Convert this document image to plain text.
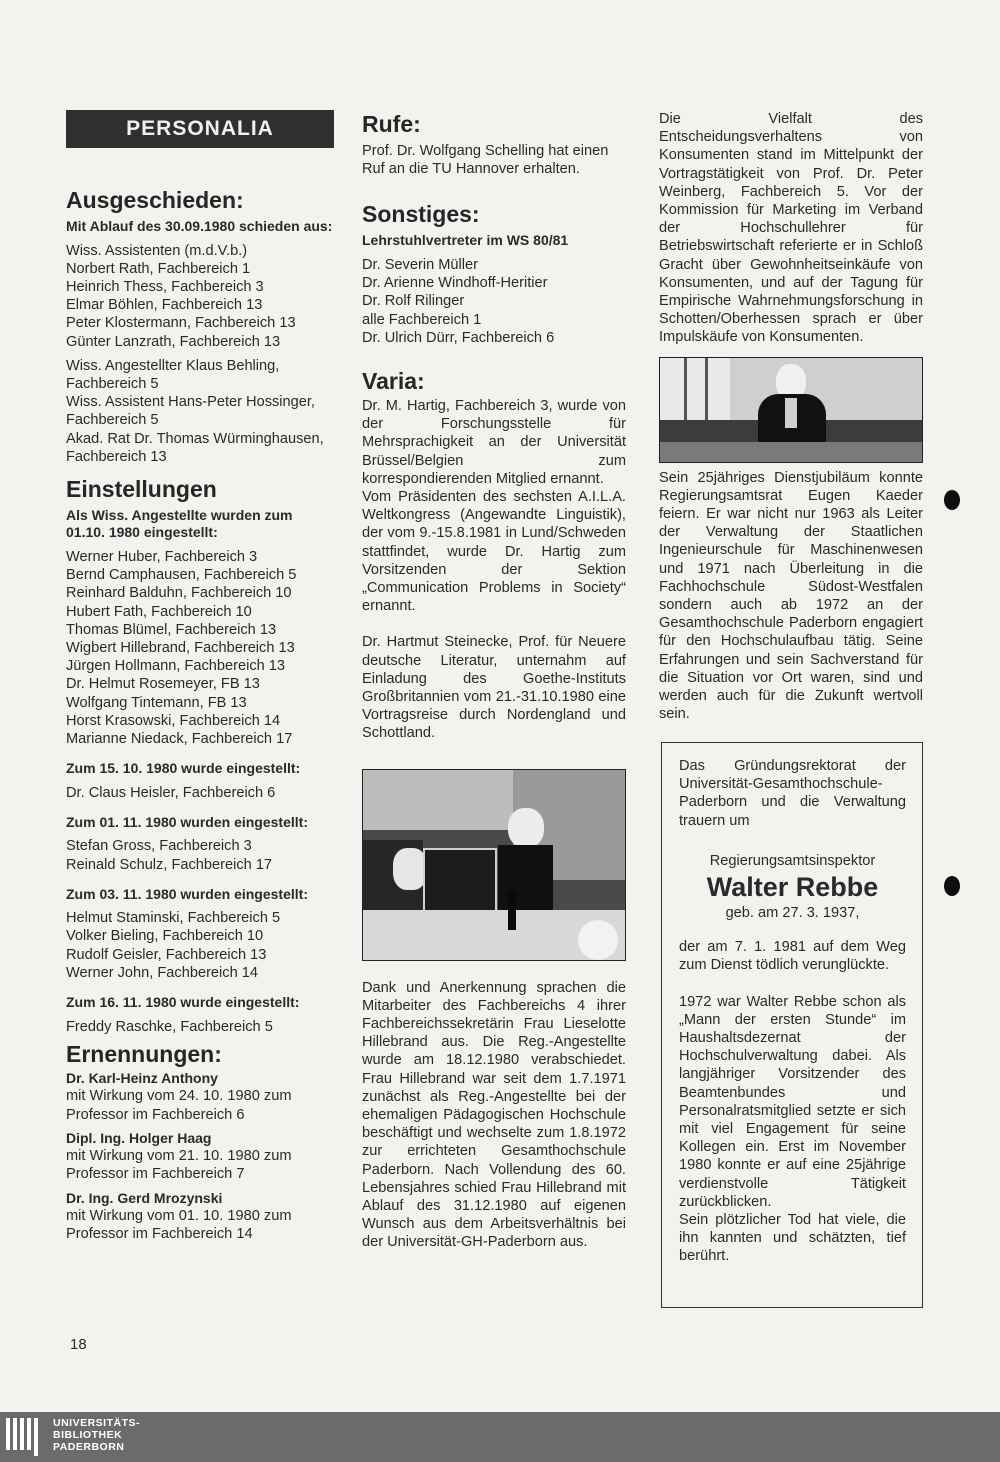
PERSONALIA
Ausgeschieden:

Mit Ablauf des 30.09.1980 schieden aus:

Wiss. Assistenten (m.d.V.b.)
Norbert Rath, Fachbereich 1
Heinrich Thess, Fachbereich 3
Elmar Böhlen, Fachbereich 13
Peter Klostermann, Fachbereich 13
Günter Lanzrath, Fachbereich 13
Wiss. Angestellter Klaus Behling, Fachbereich 5
Wiss. Assistent Hans-Peter Hossinger, Fachbereich 5
Akad. Rat Dr. Thomas Würminghausen, Fachbereich 13
Einstellungen

Als Wiss. Angestellte wurden zum 01.10. 1980 eingestellt:

Werner Huber, Fachbereich 3
Bernd Camphausen, Fachbereich 5
Reinhard Balduhn, Fachbereich 10
Hubert Fath, Fachbereich 10
Thomas Blümel, Fachbereich 13
Wigbert Hillebrand, Fachbereich 13
Jürgen Hollmann, Fachbereich 13
Dr. Helmut Rosemeyer, FB 13
Wolfgang Tintemann, FB 13
Horst Krasowski, Fachbereich 14
Marianne Niedack, Fachbereich 17

Zum 15. 10. 1980 wurde eingestellt:

Dr. Claus Heisler, Fachbereich 6

Zum 01. 11. 1980 wurden eingestellt:

Stefan Gross, Fachbereich 3
Reinald Schulz, Fachbereich 17

Zum 03. 11. 1980 wurden eingestellt:

Helmut Staminski, Fachbereich 5
Volker Bieling, Fachbereich 10
Rudolf Geisler, Fachbereich 13
Werner John, Fachbereich 14

Zum 16. 11. 1980 wurde eingestellt:

Freddy Raschke, Fachbereich 5
Ernennungen:

Dr. Karl-Heinz Anthony

mit Wirkung vom 24. 10. 1980 zum Professor im Fachbereich 6

Dipl. Ing. Holger Haag

mit Wirkung vom 21. 10. 1980 zum Professor im Fachbereich 7

Dr. Ing. Gerd Mrozynski

mit Wirkung vom 01. 10. 1980 zum Professor im Fachbereich 14

Rufe:

Prof. Dr. Wolfgang Schelling hat einen Ruf an die TU Hannover erhalten.

Sonstiges:

Lehrstuhlvertreter im WS 80/81

Dr. Severin Müller
Dr. Arienne Windhoff-Heritier
Dr. Rolf Rilinger
alle Fachbereich 1
Dr. Ulrich Dürr, Fachbereich 6
Varia:

Dr. M. Hartig, Fachbereich 3, wurde von der Forschungsstelle für Mehrsprachigkeit an der Universität Brüssel/Belgien zum korrespondierenden Mitglied ernannt.

Vom Präsidenten des sechsten A.I.L.A. Weltkongress (Angewandte Linguistik), der vom 9.-15.8.1981 in Lund/Schweden stattfindet, wurde Dr. Hartig zum Vorsitzenden der Sektion „Communication Problems in Society“ ernannt.

Dr. Hartmut Steinecke, Prof. für Neuere deutsche Literatur, unternahm auf Einladung des Goethe-Instituts Großbritannien vom 21.-31.10.1980 eine Vortragsreise durch Nordengland und Schottland.

Dank und Anerkennung sprachen die Mitarbeiter des Fachbereichs 4 ihrer Fachbereichssekretärin Frau Lieselotte Hillebrand aus. Die Reg.-Angestellte wurde am 18.12.1980 verabschiedet. Frau Hillebrand war seit dem 1.7.1971 zunächst als Reg.-Angestellte bei der ehemaligen Pädagogischen Hochschule beschäftigt und wechselte zum 1.8.1972 zur errichteten Gesamthochschule Paderborn. Nach Vollendung des 60. Lebensjahres schied Frau Hillebrand mit Ablauf des 31.12.1980 auf eigenen Wunsch aus dem Arbeitsverhältnis bei der Universität-GH-Paderborn aus.

Die Vielfalt des Entscheidungsverhaltens von Konsumenten stand im Mittelpunkt der Vortragstätigkeit von Prof. Dr. Peter Weinberg, Fachbereich 5. Vor der Kommission für Marketing im Verband der Hochschullehrer für Betriebswirtschaft referierte er in Schloß Gracht über Gewohnheitseinkäufe von Konsumenten, und auf der Tagung für Empirische Wahrnehmungsforschung in Schotten/Oberhessen sprach er über Impulskäufe von Konsumenten.

Sein 25jähriges Dienstjubiläum konnte Regierungsamtsrat Eugen Kaeder feiern. Er war nicht nur 1963 als Leiter der Verwaltung der Staatlichen Ingenieurschule für Maschinenwesen und 1971 nach Überleitung in die Fachhochschule Südost-Westfalen sondern auch ab 1972 an der Gesamthochschule Paderborn engagiert für den Hochschulaufbau tätig. Seine Erfahrungen und sein Sachverstand für die Situation vor Ort waren, sind und werden auch für die Zukunft wertvoll sein.

Das Gründungsrektorat der Universität-Gesamthochschule-Paderborn und die Verwaltung trauern um

Regierungsamtsinspektor

Walter Rebbe

geb. am 27. 3. 1937,

der am 7. 1. 1981 auf dem Weg zum Dienst tödlich verunglückte.

1972 war Walter Rebbe schon als „Mann der ersten Stunde“ im Haushaltsdezernat der Hochschulverwaltung dabei. Als langjähriger Vorsitzender des Beamtenbundes und Personalratsmitglied setzte er sich mit viel Engagement für seine Kollegen ein. Erst im November 1980 konnte er auf eine 25jährige verdienstvolle Tätigkeit zurückblicken.

Sein plötzlicher Tod hat viele, die ihn kannten und schätzten, tief berührt.

18
UNIVERSITÄTS-
BIBLIOTHEK
PADERBORN
